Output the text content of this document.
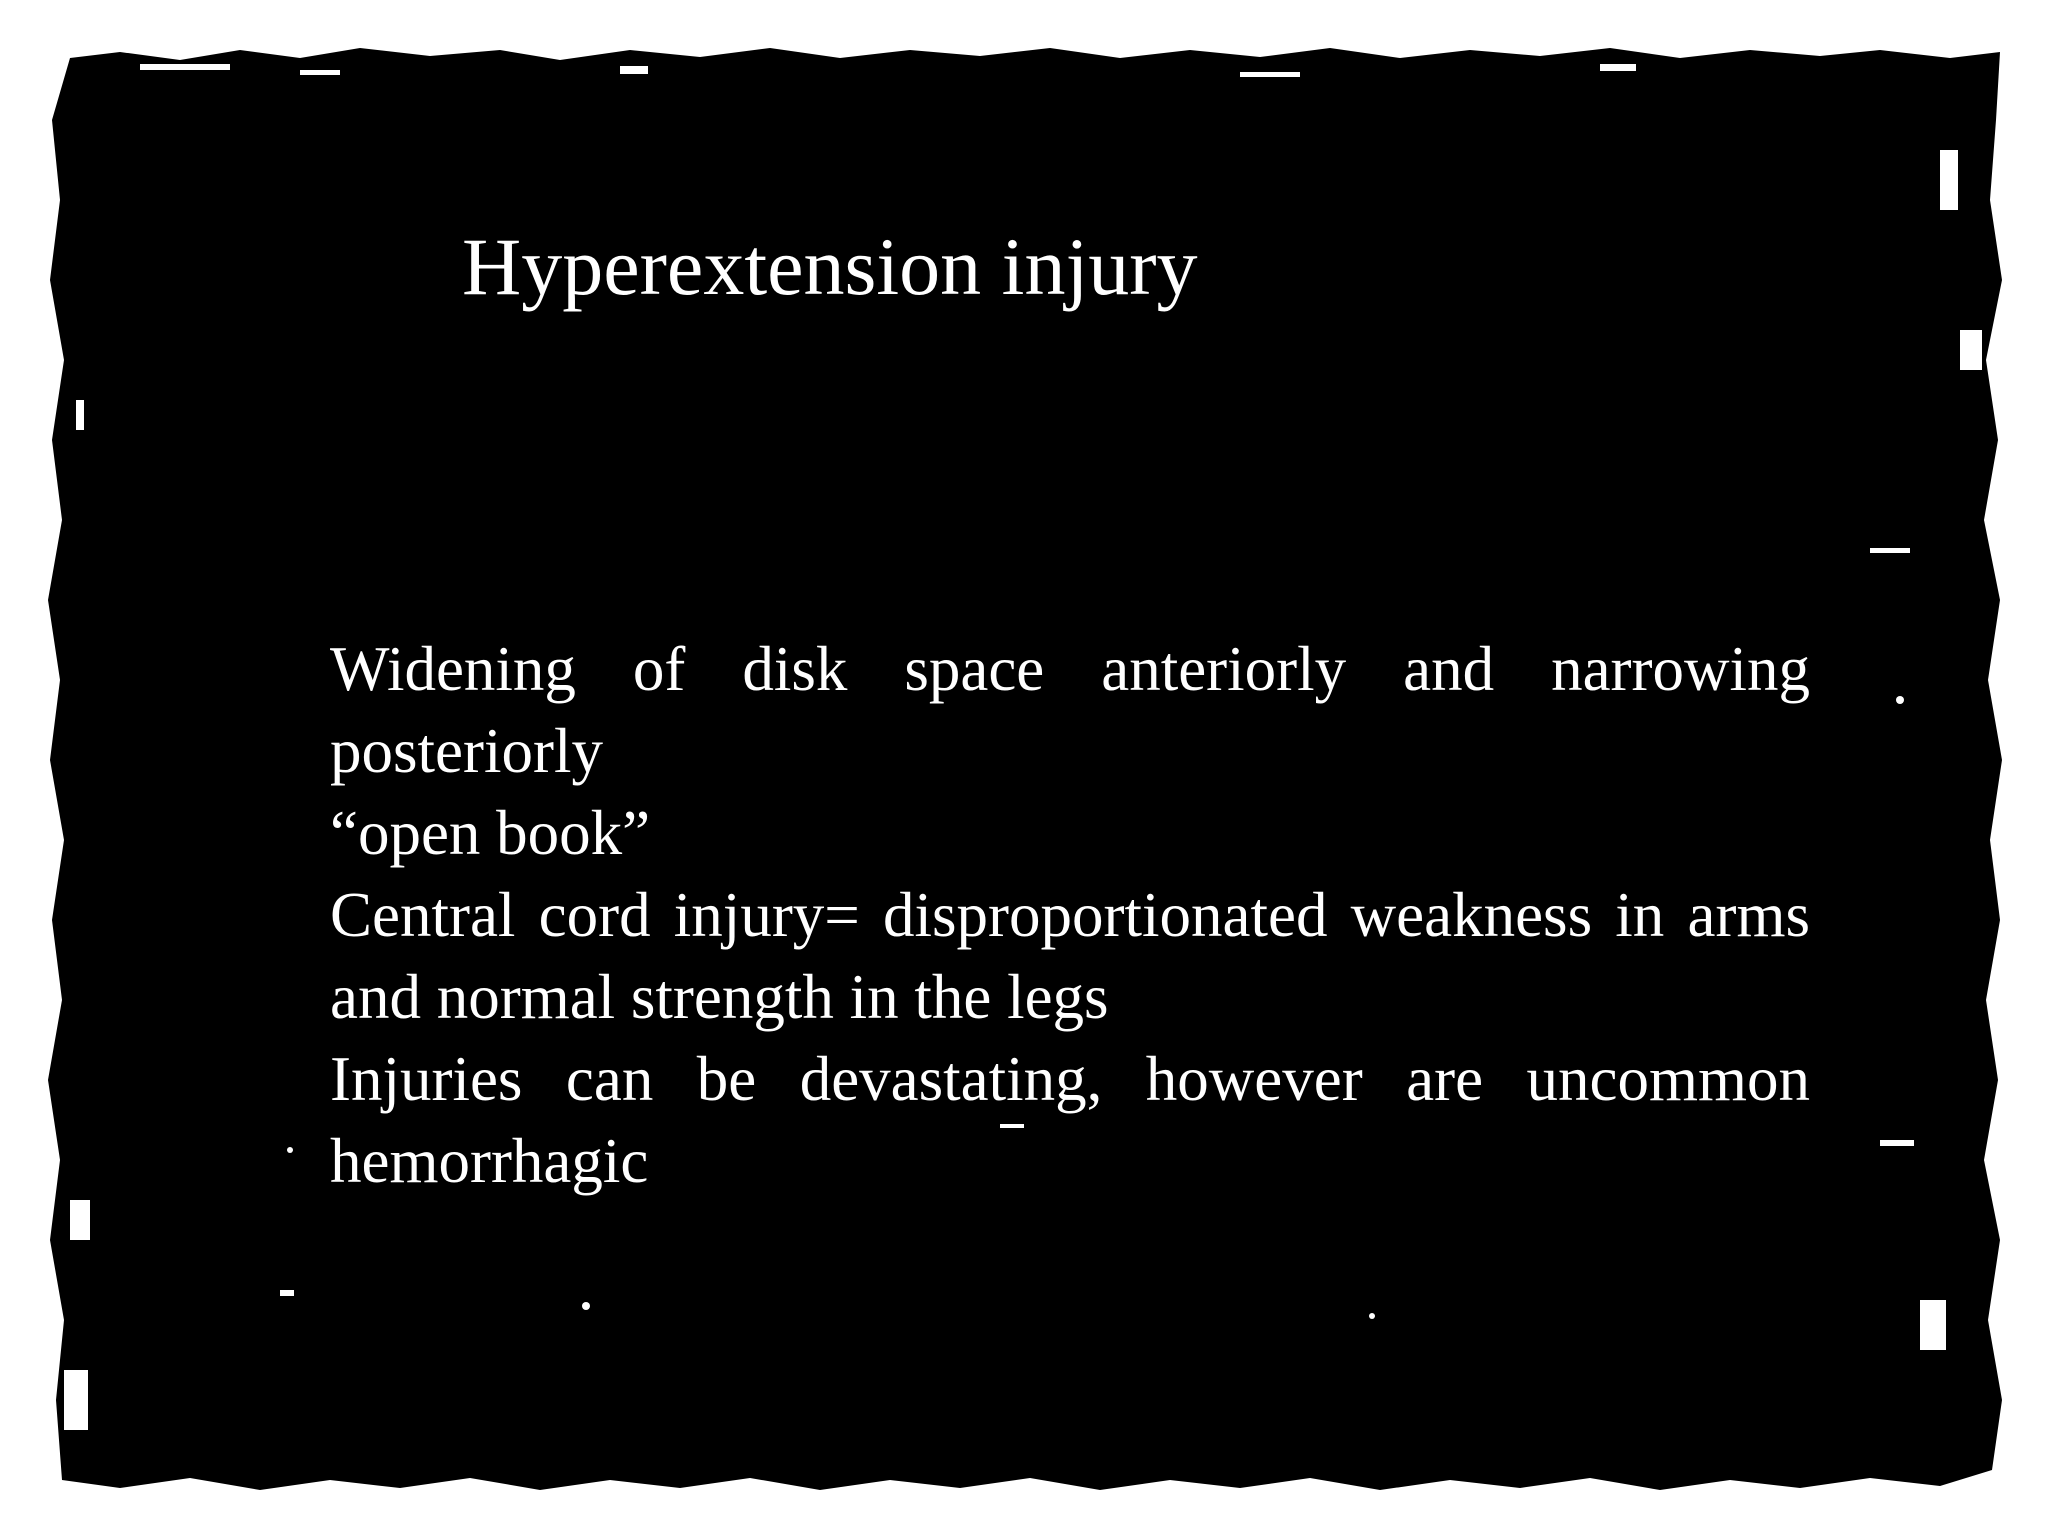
Hyperextension injury

Widening of disk space anteriorly and narrowing posteriorly

“open book”

Central cord injury= disproportionated weakness in arms and normal strength in the legs

Injuries can be devastating, however are uncommon hemorrhagic
